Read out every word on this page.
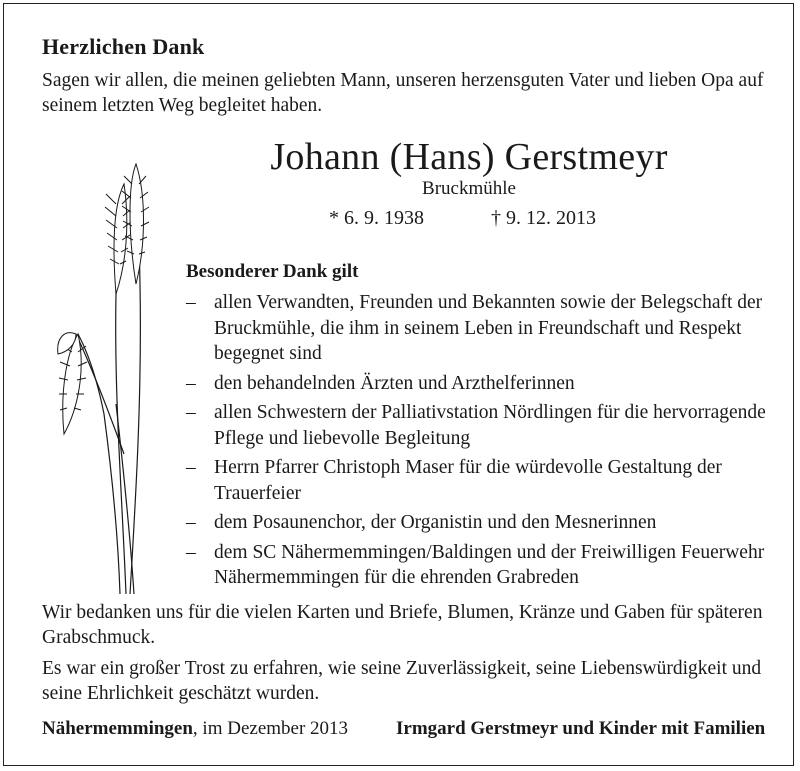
Herzlichen Dank
Sagen wir allen, die meinen geliebten Mann, unseren herzensguten Vater und lieben Opa auf seinem letzten Weg begleitet haben.
Johann (Hans) Gerstmeyr
Bruckmühle
* 6. 9. 1938	† 9. 12. 2013
Besonderer Dank gilt
– allen Verwandten, Freunden und Bekannten sowie der Belegschaft der Bruckmühle, die ihm in seinem Leben in Freundschaft und Respekt begegnet sind
– den behandelnden Ärzten und Arzthelferinnen
– allen Schwestern der Palliativstation Nördlingen für die hervorragende Pflege und liebevolle Begleitung
– Herrn Pfarrer Christoph Maser für die würdevolle Gestaltung der Trauerfeier
– dem Posaunenchor, der Organistin und den Mesnerinnen
– dem SC Nähermemmingen/Baldingen und der Freiwilligen Feuerwehr Nähermemmingen für die ehrenden Grabreden
Wir bedanken uns für die vielen Karten und Briefe, Blumen, Kränze und Gaben für späteren Grabschmuck.
Es war ein großer Trost zu erfahren, wie seine Zuverlässigkeit, seine Liebenswürdigkeit und seine Ehrlichkeit geschätzt wurden.
Nähermemmingen, im Dezember 2013	Irmgard Gerstmeyr und Kinder mit Familien
